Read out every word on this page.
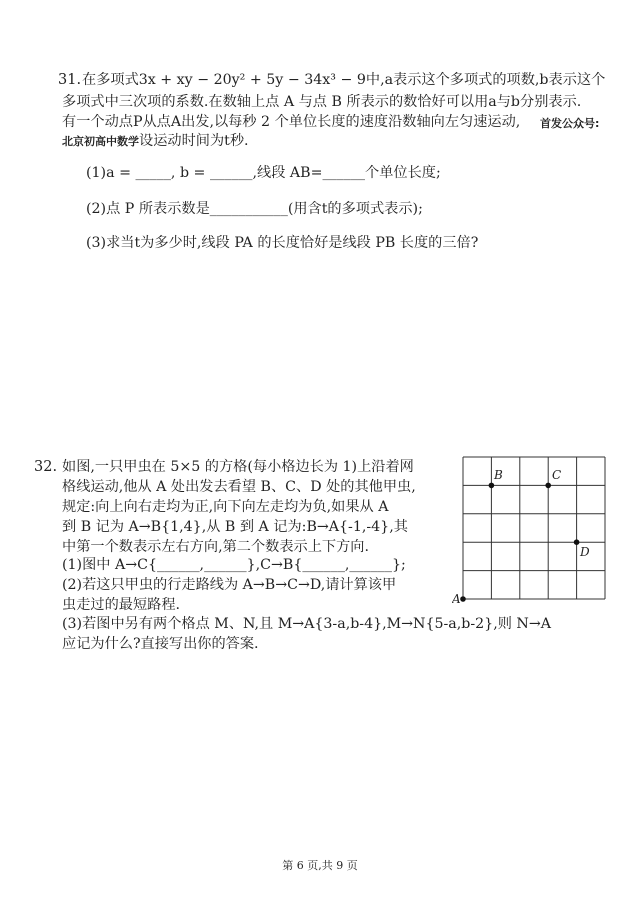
31. 在多项式3x + xy − 20y² + 5y − 34x³ − 9中,a表示这个多项式的项数,b表示这个
多项式中三次项的系数.在数轴上点 A 与点 B 所表示的数恰好可以用a与b分别表示.
有一个动点P从点A出发,以每秒 2 个单位长度的速度沿数轴向左匀速运动, 首发公众号:
北京初高中数学设运动时间为t秒.
(1)a = _____, b = ______,线段 AB=______个单位长度;
(2)点 P 所表示数是___________(用含t的多项式表示);
(3)求当t为多少时,线段 PA 的长度恰好是线段 PB 长度的三倍?
32. 如图,一只甲虫在 5×5 的方格(每小格边长为 1)上沿着网
格线运动,他从 A 处出发去看望 B、C、D 处的其他甲虫,
规定:向上向右走均为正,向下向左走均为负,如果从 A
到 B 记为 A→B{1,4},从 B 到 A 记为:B→A{-1,-4},其
中第一个数表示左右方向,第二个数表示上下方向.
(1)图中 A→C{______,______},C→B{______,______};
(2)若这只甲虫的行走路线为 A→B→C→D,请计算该甲
虫走过的最短路程.
(3)若图中另有两个格点 M、N,且 M→A{3-a,b-4},M→N{5-a,b-2},则 N→A
应记为什么?直接写出你的答案.
A
B	C
D
第 6 页,共 9 页
